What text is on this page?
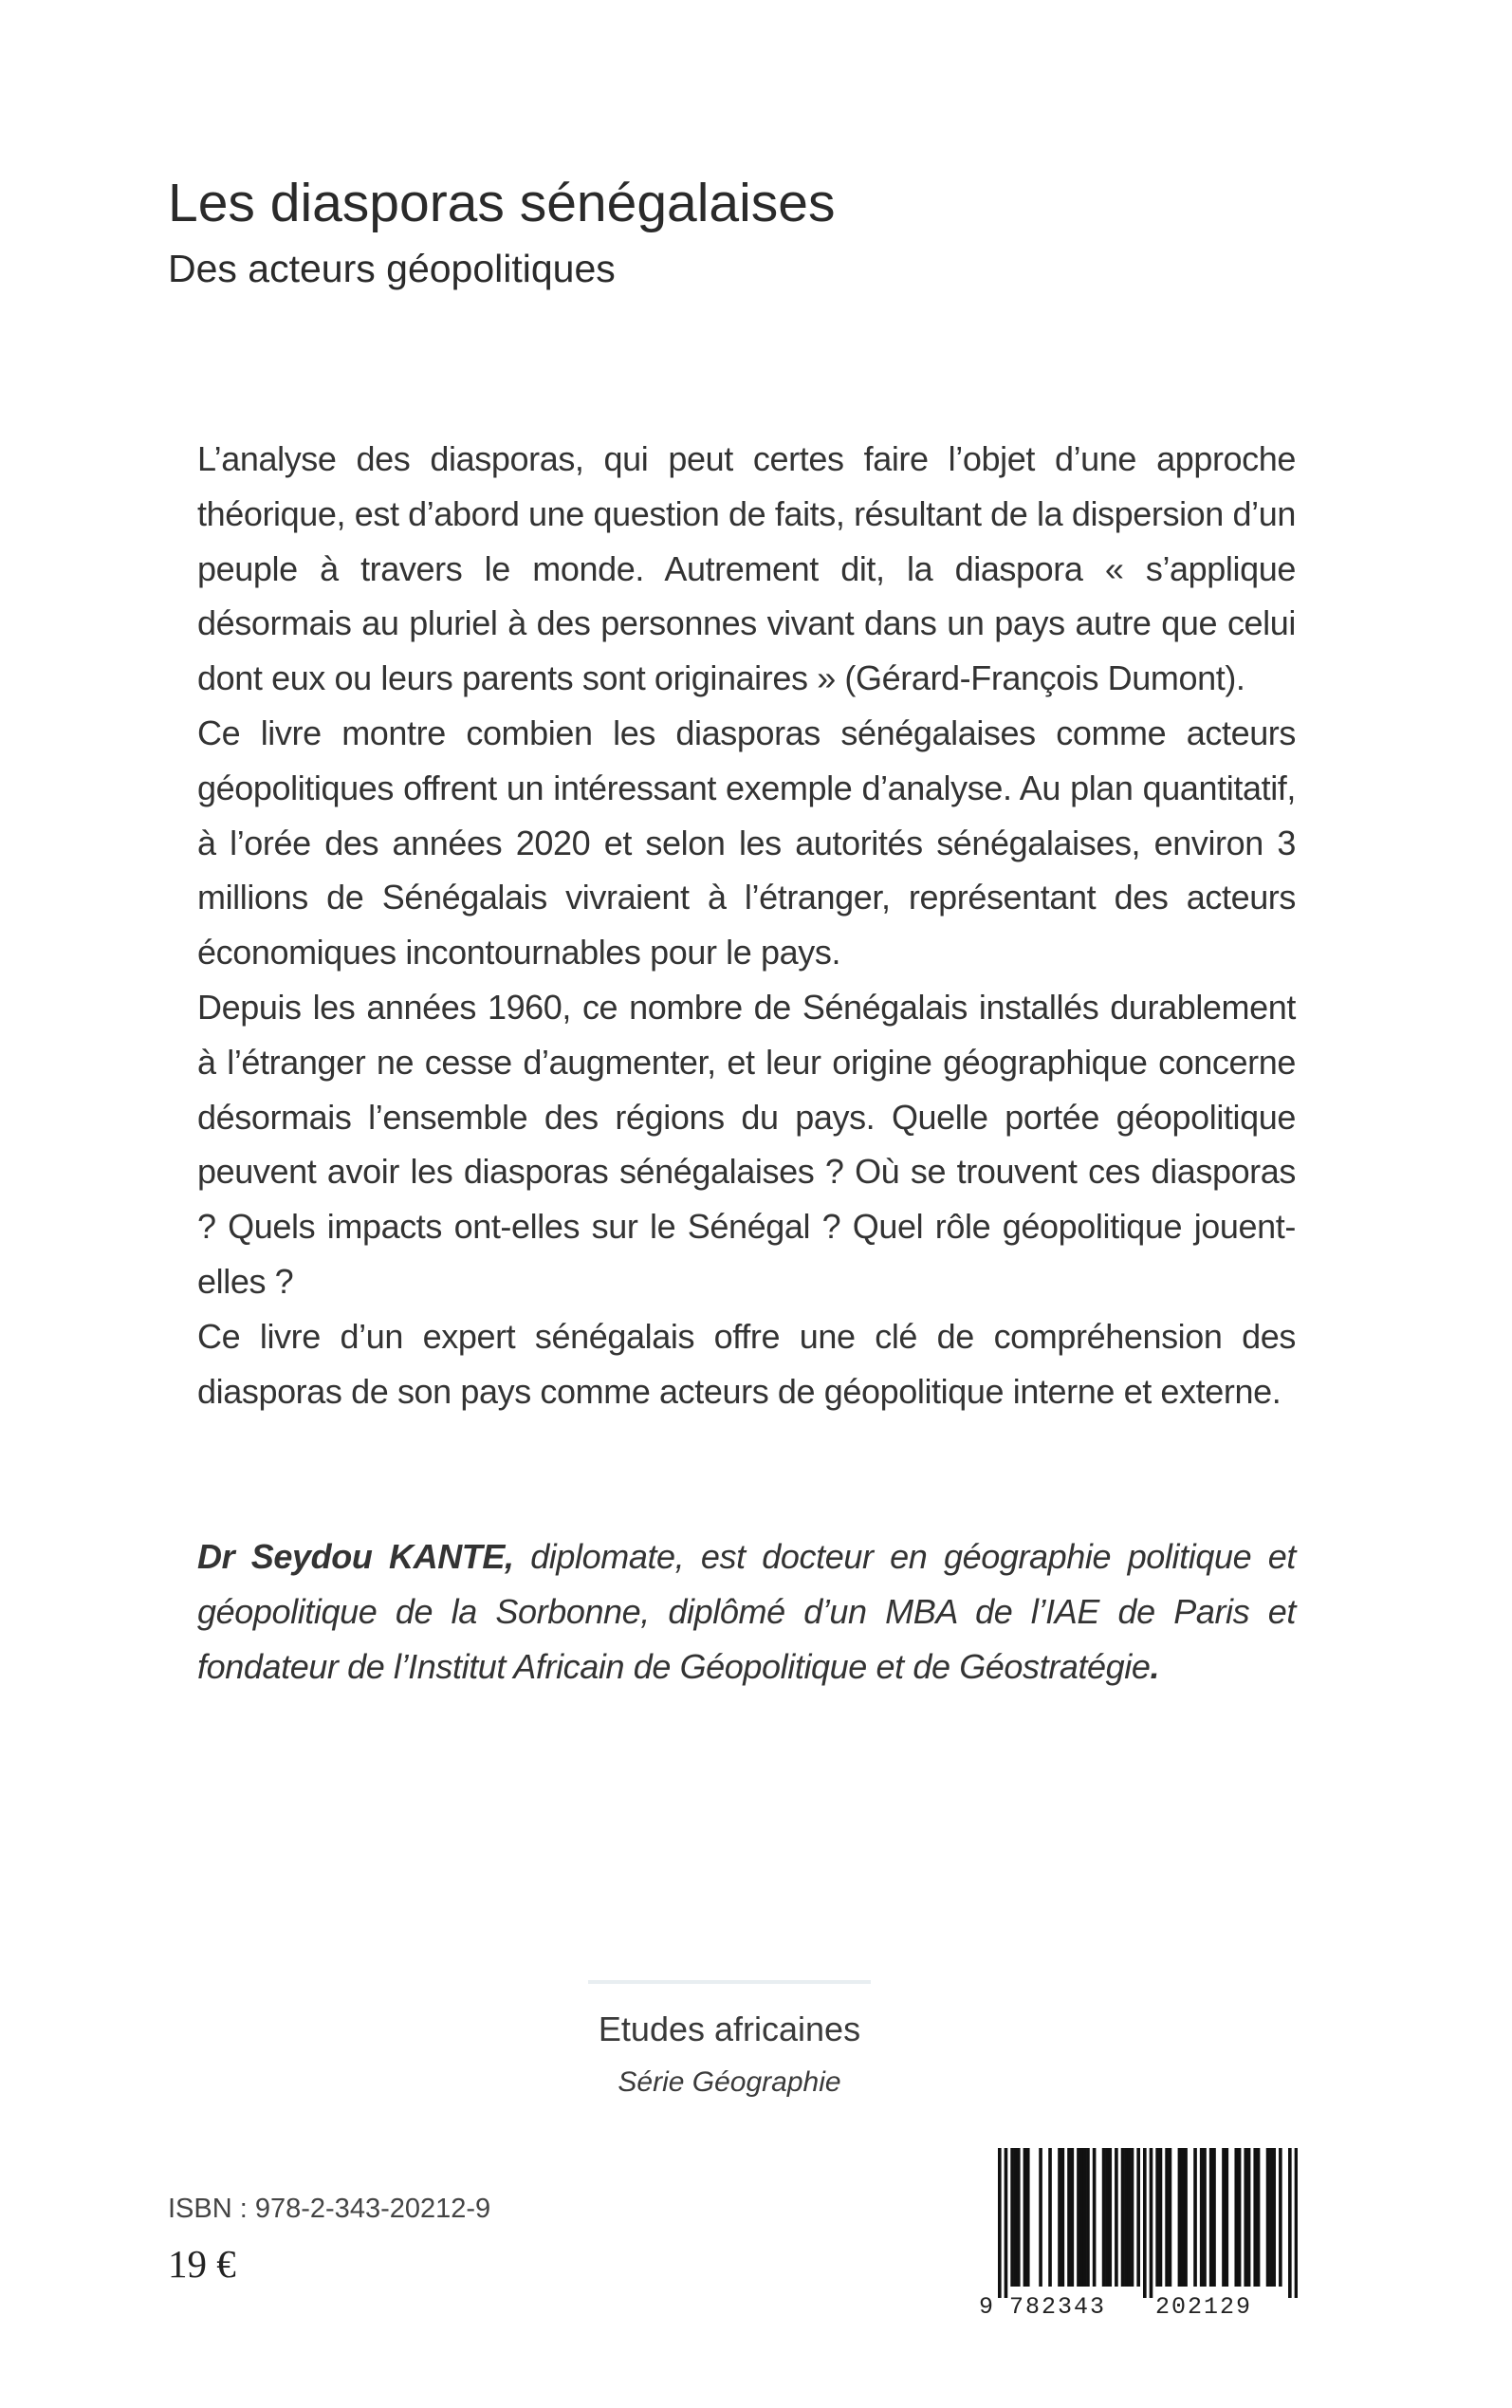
Les diasporas sénégalaises
Des acteurs géopolitiques

L’analyse des diasporas, qui peut certes faire l’objet d’une approche théorique, est d’abord une question de faits, résultant de la dispersion d’un peuple à travers le monde. Autrement dit, la diaspora « s’applique désormais au pluriel à des personnes vivant dans un pays autre que celui dont eux ou leurs parents sont originaires » (Gérard-François Dumont).

Ce livre montre combien les diasporas sénégalaises comme acteurs géopolitiques offrent un intéressant exemple d’analyse. Au plan quantitatif, à l’orée des années 2020 et selon les autorités sénégalaises, environ 3 millions de Sénégalais vivraient à l’étranger, représentant des acteurs économiques incontournables pour le pays.

Depuis les années 1960, ce nombre de Sénégalais installés durablement à l’étranger ne cesse d’augmenter, et leur origine géographique concerne désormais l’ensemble des régions du pays. Quelle portée géopolitique peuvent avoir les diasporas sénégalaises ? Où se trouvent ces diasporas ? Quels impacts ont-elles sur le Sénégal ? Quel rôle géopolitique jouent-elles ?

Ce livre d’un expert sénégalais offre une clé de compréhension des diasporas de son pays comme acteurs de géopolitique interne et externe.

Dr Seydou KANTE, diplomate, est docteur en géographie politique et géopolitique de la Sorbonne, diplômé d’un MBA de l’IAE de Paris et fondateur de l’Institut Africain de Géopolitique et de Géostratégie.
Etudes africaines
Série Géographie
ISBN : 978-2-343-20212-9
19 €
9 782343 202129
